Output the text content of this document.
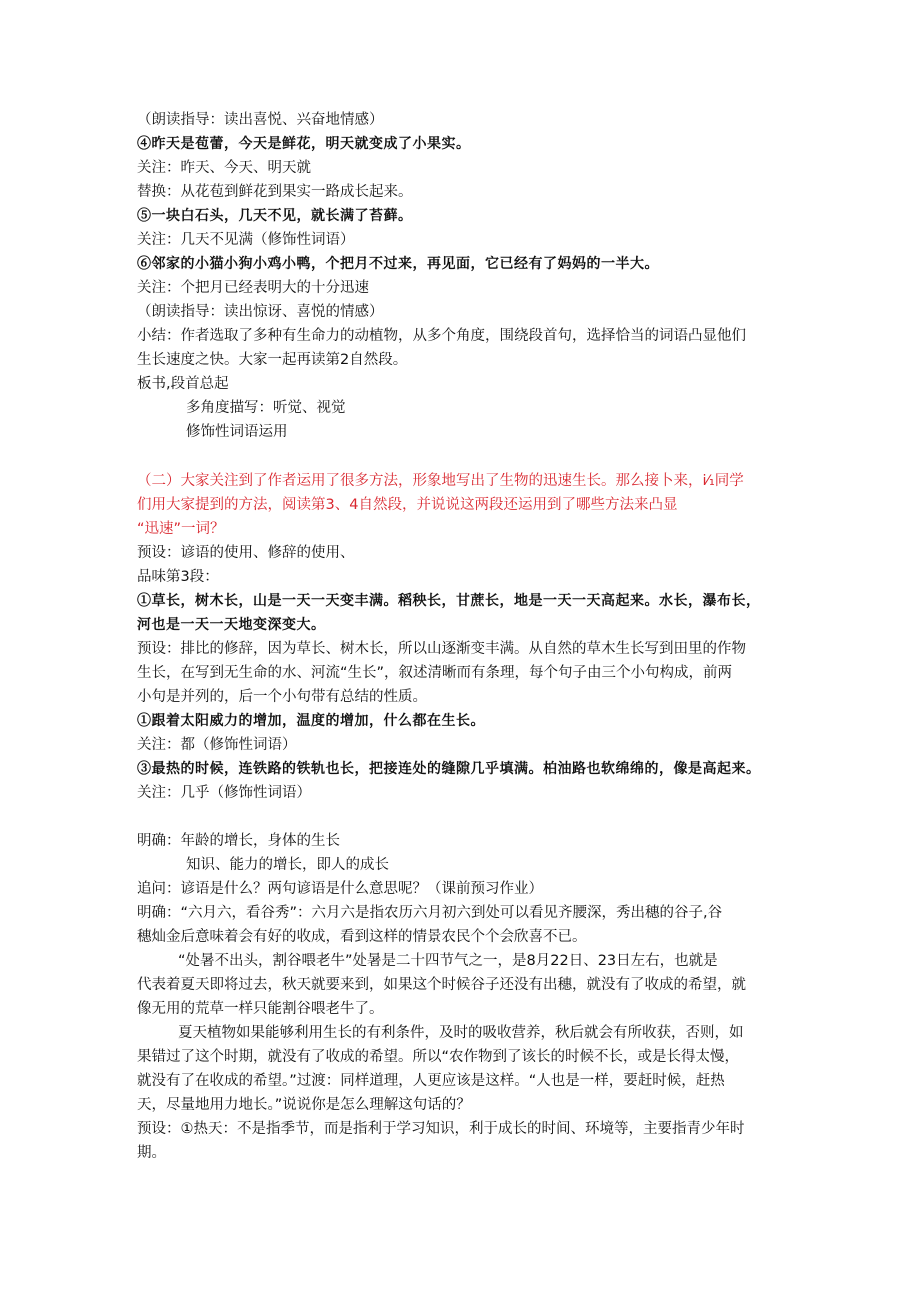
（朗读指导：读出喜悦、兴奋地情感）
④昨天是苞蕾，今天是鲜花，明天就变成了小果实。
关注：昨天、今天、明天就
替换：从花苞到鲜花到果实一路成长起来。
⑤一块白石头，几天不见，就长满了苔藓。
关注：几天不见满（修饰性词语）
⑥邻家的小猫小狗小鸡小鸭，个把月不过来，再见面，它已经有了妈妈的一半大。
关注：个把月已经表明大的十分迅速
（朗读指导：读出惊讶、喜悦的情感）
小结：作者选取了多种有生命力的动植物，从多个角度，围绕段首句，选择恰当的词语凸显他们
生长速度之快。大家一起再读第2自然段。
板书,段首总起
多角度描写：听觉、视觉
修饰性词语运用
（二）大家关注到了作者运用了很多方法，形象地写出了生物的迅速生长。那么接卜来，i⁄₁同学
们用大家提到的方法，阅读第3、4自然段，并说说这两段还运用到了哪些方法来凸显
“迅速”一词？
预设：谚语的使用、修辞的使用、
品味第3段：
①草长，树木长，山是一天一天变丰满。稻秧长，甘蔗长，地是一天一天高起来。水长，瀑布长，
河也是一天一天地变深变大。
预设：排比的修辞，因为草长、树木长，所以山逐渐变丰满。从自然的草木生长写到田里的作物
生长，在写到无生命的水、河流“生长”，叙述清晰而有条理，每个句子由三个小句构成，前两
小句是并列的，后一个小句带有总结的性质。
①跟着太阳威力的增加，温度的增加，什么都在生长。
关注：都（修饰性词语）
③最热的时候，连铁路的铁轨也长，把接连处的缝隙几乎填满。柏油路也软绵绵的，像是高起来。
关注：几乎（修饰性词语）
明确：年龄的增长，身体的生长
知识、能力的增长，即人的成长
追问：谚语是什么？两句谚语是什么意思呢？（课前预习作业）
明确：“六月六，看谷秀”：六月六是指农历六月初六到处可以看见齐腰深，秀出穗的谷子,谷
穗灿金后意味着会有好的收成，看到这样的情景农民个个会欣喜不已。
“处暑不出头，割谷喂老牛”处暑是二十四节气之一，是8月22日、23日左右，也就是
代表着夏天即将过去，秋天就要来到，如果这个时候谷子还没有出穗，就没有了收成的希望，就
像无用的荒草一样只能割谷喂老牛了。
夏天植物如果能够利用生长的有利条件，及时的吸收营养，秋后就会有所收获，否则，如
果错过了这个时期，就没有了收成的希望。所以“农作物到了该长的时候不长，或是长得太慢，
就没有了在收成的希望。”过渡：同样道理，人更应该是这样。“人也是一样，要赶时候，赶热
天，尽量地用力地长。”说说你是怎么理解这句话的？
预设：①热天：不是指季节，而是指利于学习知识，利于成长的时间、环境等，主要指青少年时
期。
